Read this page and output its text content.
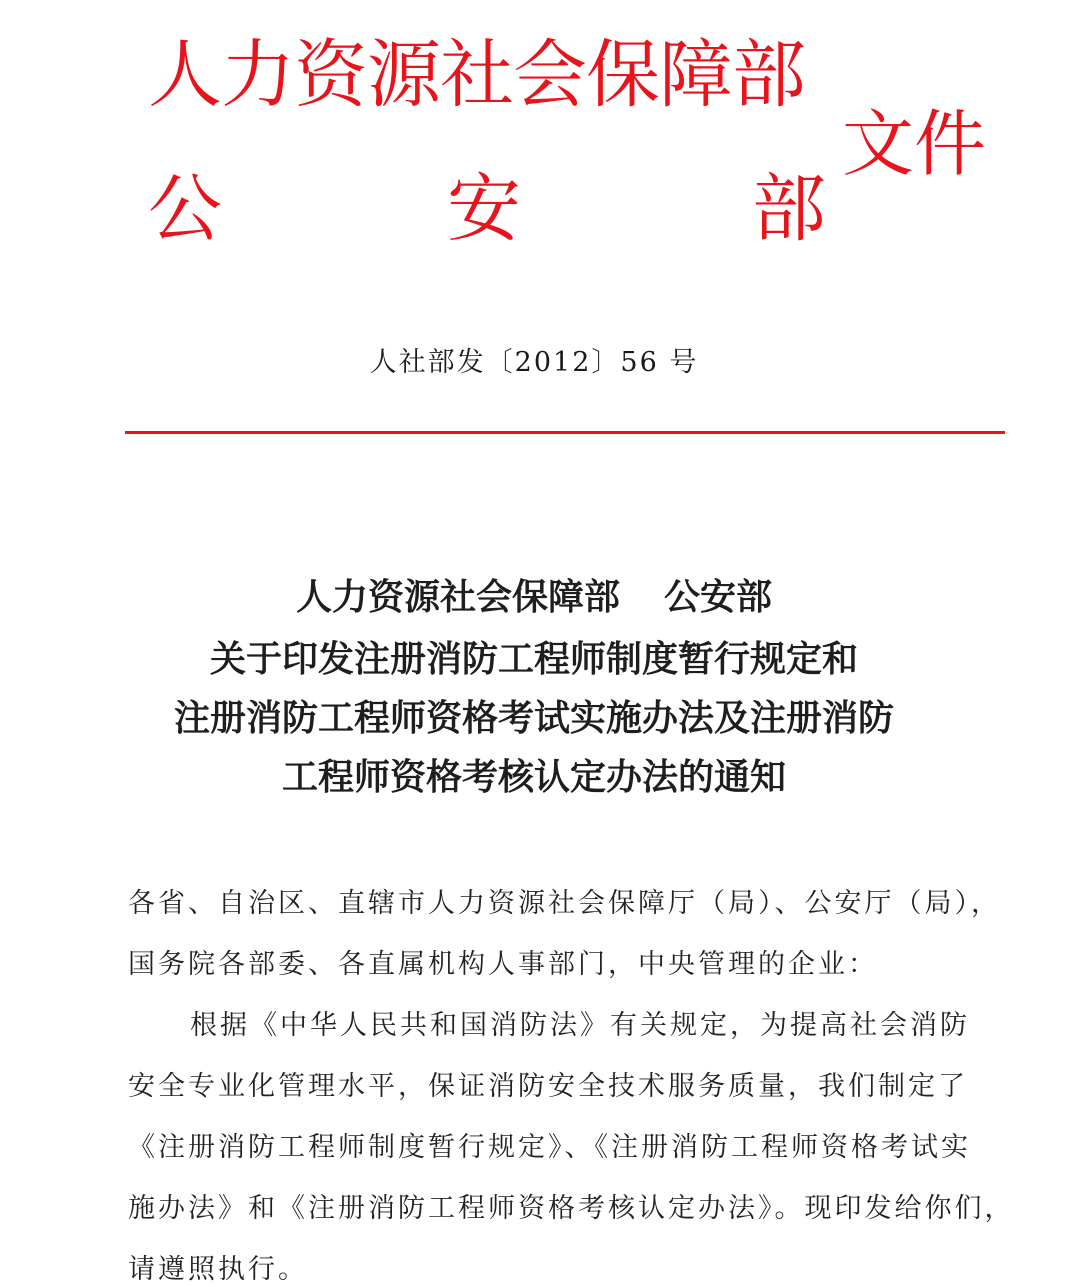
人力资源社会保障部
公	安	部
文件
人社部发〔2012〕56 号
人力资源社会保障部 公安部
关于印发注册消防工程师制度暂行规定和
注册消防工程师资格考试实施办法及注册消防
工程师资格考核认定办法的通知
各省、自治区、直辖市人力资源社会保障厅（局）、公安厅（局），
国务院各部委、各直属机构人事部门，中央管理的企业：
根据《中华人民共和国消防法》有关规定，为提高社会消防
安全专业化管理水平，保证消防安全技术服务质量，我们制定了
《注册消防工程师制度暂行规定》、《注册消防工程师资格考试实
施办法》和《注册消防工程师资格考核认定办法》。现印发给你们，
请遵照执行。
